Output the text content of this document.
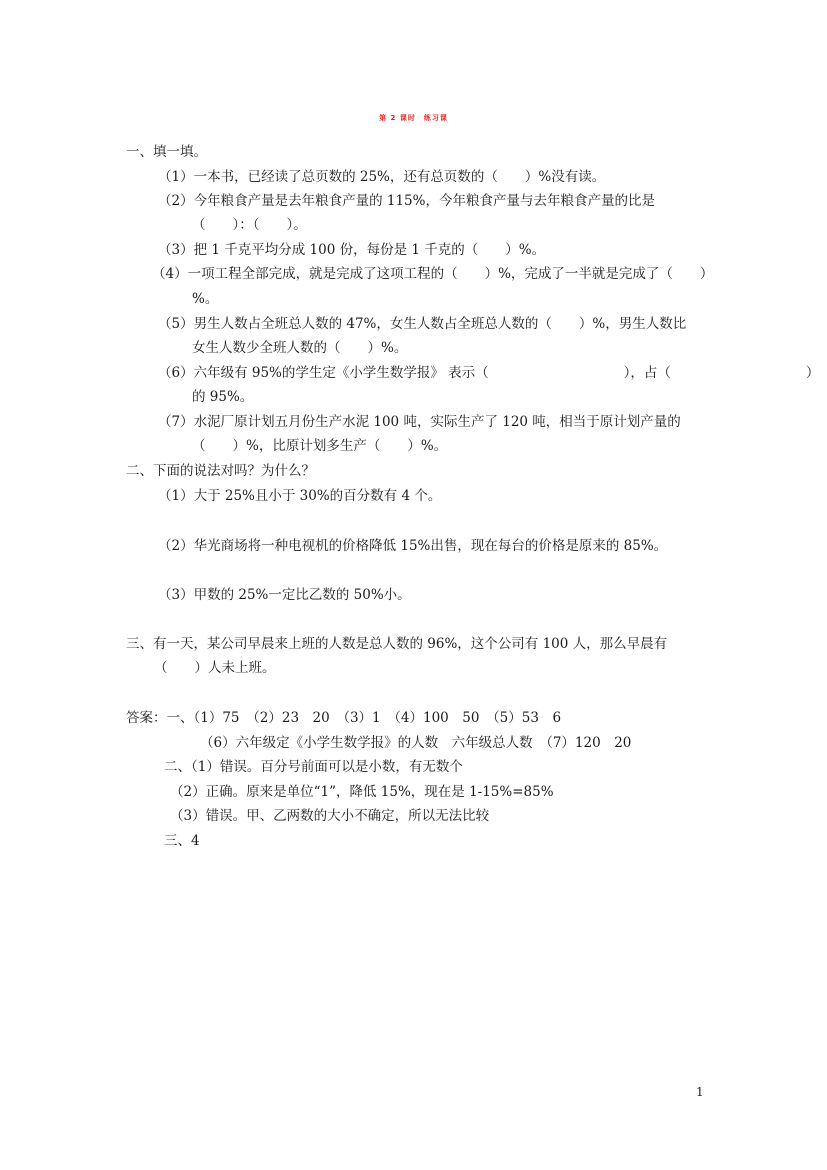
第 2 课时　练习课
一、填一填。
（1）一本书，已经读了总页数的 25%，还有总页数的（　　）%没有读。
（2）今年粮食产量是去年粮食产量的 115%，今年粮食产量与去年粮食产量的比是
（　　）：（　　）。
（3）把 1 千克平均分成 100 份，每份是 1 千克的（　　）%。
（4）一项工程全部完成，就是完成了这项工程的（　　）%，完成了一半就是完成了（　　）
%。
（5）男生人数占全班总人数的 47%，女生人数占全班总人数的（　　）%，男生人数比
女生人数少全班人数的（　　）%。
（6）六年级有 95%的学生定《小学生数学报》 表示（　　　　　　　　　　），占（　　　　　　　　　　）
的 95%。
（7）水泥厂原计划五月份生产水泥 100 吨，实际生产了 120 吨，相当于原计划产量的
（　　）%，比原计划多生产（　　）%。
二、下面的说法对吗？为什么？
（1）大于 25%且小于 30%的百分数有 4 个。
（2）华光商场将一种电视机的价格降低 15%出售，现在每台的价格是原来的 85%。
（3）甲数的 25%一定比乙数的 50%小。
三、有一天，某公司早晨来上班的人数是总人数的 96%，这个公司有 100 人，那么早晨有
（　　）人未上班。
答案：一、（1）75　（2）23　20　（3）1　（4）100　50　（5）53　6
（6）六年级定《小学生数学报》的人数　六年级总人数　（7）120　20
二、（1）错误。百分号前面可以是小数，有无数个
（2）正确。原来是单位“1”，降低 15%，现在是 1-15%=85%
（3）错误。甲、乙两数的大小不确定，所以无法比较
三、4
1
